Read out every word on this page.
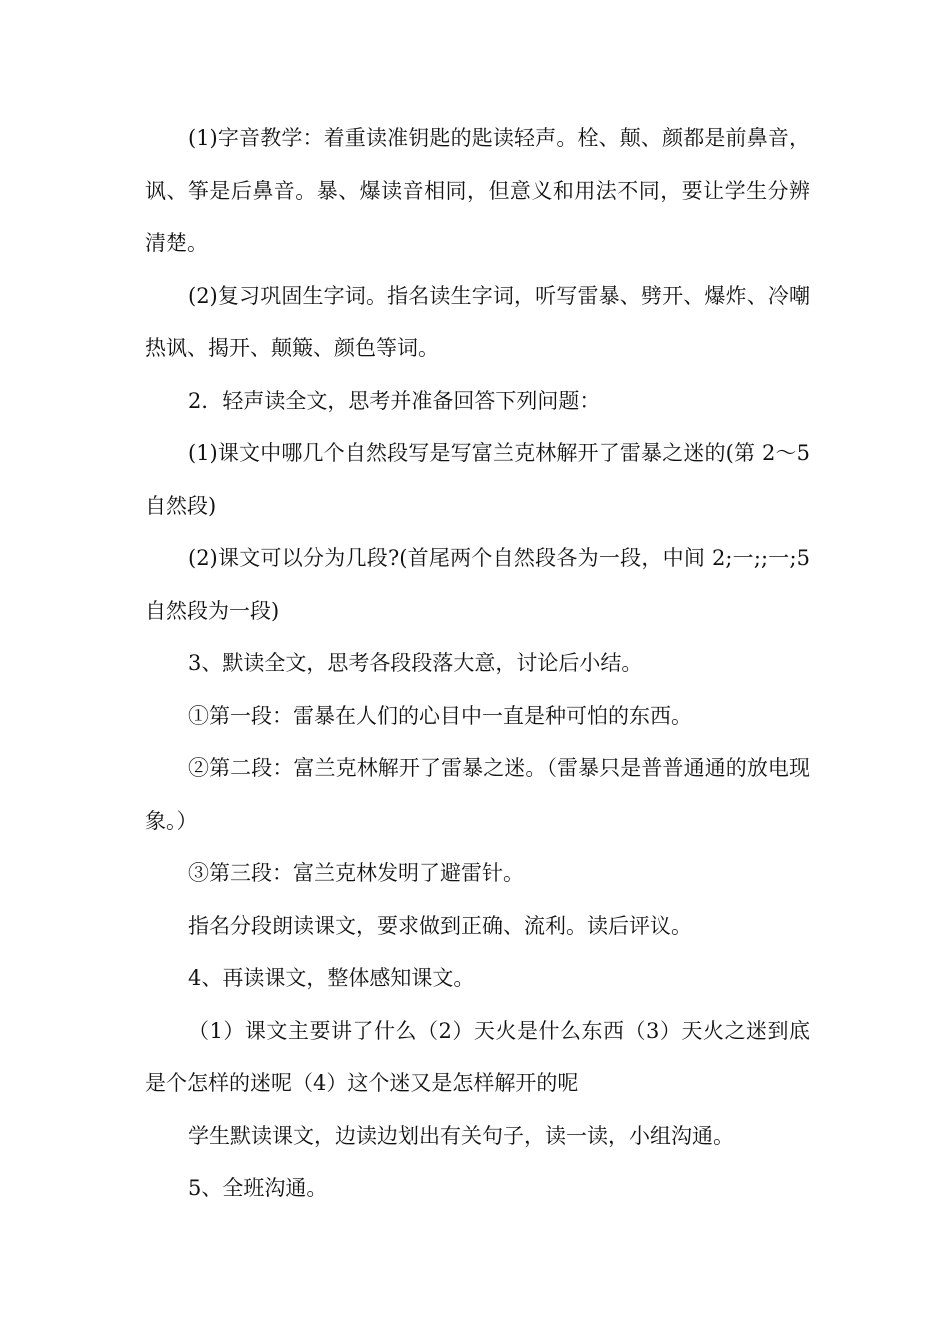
(1)字音教学：着重读准钥匙的匙读轻声。栓、颠、颜都是前鼻音，讽、筝是后鼻音。暴、爆读音相同，但意义和用法不同，要让学生分辨清楚。

(2)复习巩固生字词。指名读生字词，听写雷暴、劈开、爆炸、冷嘲热讽、揭开、颠簸、颜色等词。

2．轻声读全文，思考并准备回答下列问题：

(1)课文中哪几个自然段写是写富兰克林解开了雷暴之迷的(第 2～5 自然段)

(2)课文可以分为几段?(首尾两个自然段各为一段，中间 2;一;;一;5 自然段为一段)

3、默读全文，思考各段段落大意，讨论后小结。

①第一段：雷暴在人们的心目中一直是种可怕的东西。

②第二段：富兰克林解开了雷暴之迷。（雷暴只是普普通通的放电现象。）

③第三段：富兰克林发明了避雷针。

指名分段朗读课文，要求做到正确、流利。读后评议。

4、再读课文，整体感知课文。

（1）课文主要讲了什么（2）天火是什么东西（3）天火之迷到底是个怎样的迷呢（4）这个迷又是怎样解开的呢

学生默读课文，边读边划出有关句子，读一读，小组沟通。

5、全班沟通。
